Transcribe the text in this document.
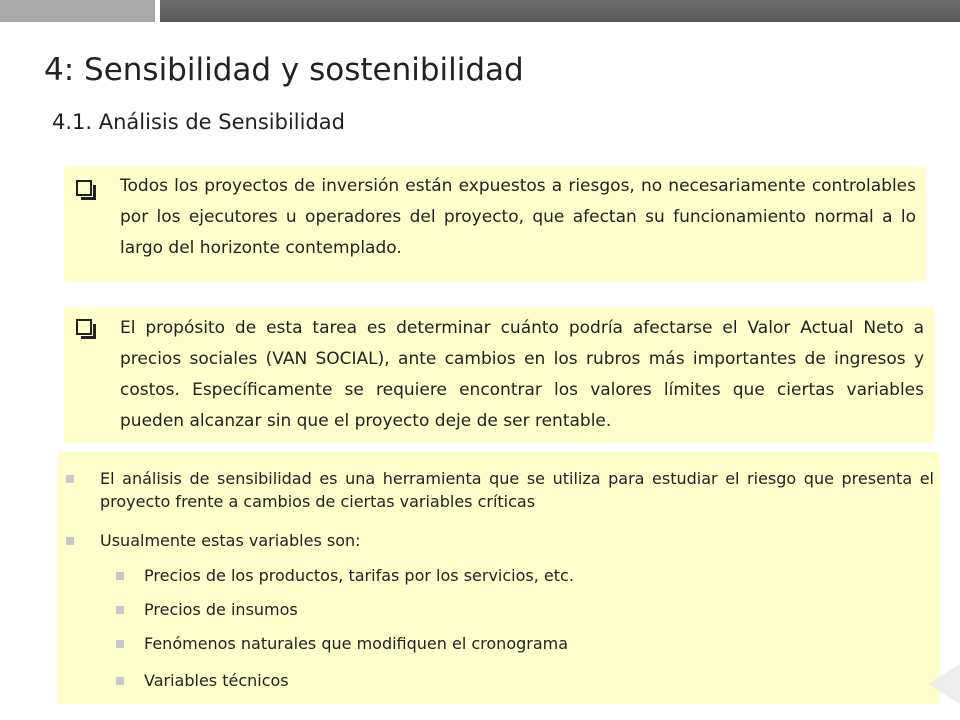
4: Sensibilidad y sostenibilidad
4.1. Análisis de Sensibilidad
Todos los proyectos de inversión están expuestos a riesgos, no necesariamente controlables por los ejecutores u operadores del proyecto, que afectan su funcionamiento normal a lo largo del horizonte contemplado.
El propósito de esta tarea es determinar cuánto podría afectarse el Valor Actual Neto a precios sociales (VAN SOCIAL), ante cambios en los rubros más importantes de ingresos y costos. Específicamente se requiere encontrar los valores límites que ciertas variables pueden alcanzar sin que el proyecto deje de ser rentable.
El análisis de sensibilidad es una herramienta que se utiliza para estudiar el riesgo que presenta el proyecto frente a cambios de ciertas variables críticas
Usualmente estas variables son:
Precios de los productos, tarifas por los servicios, etc.
Precios de insumos
Fenómenos naturales que modifiquen el cronograma
Variables técnicos
